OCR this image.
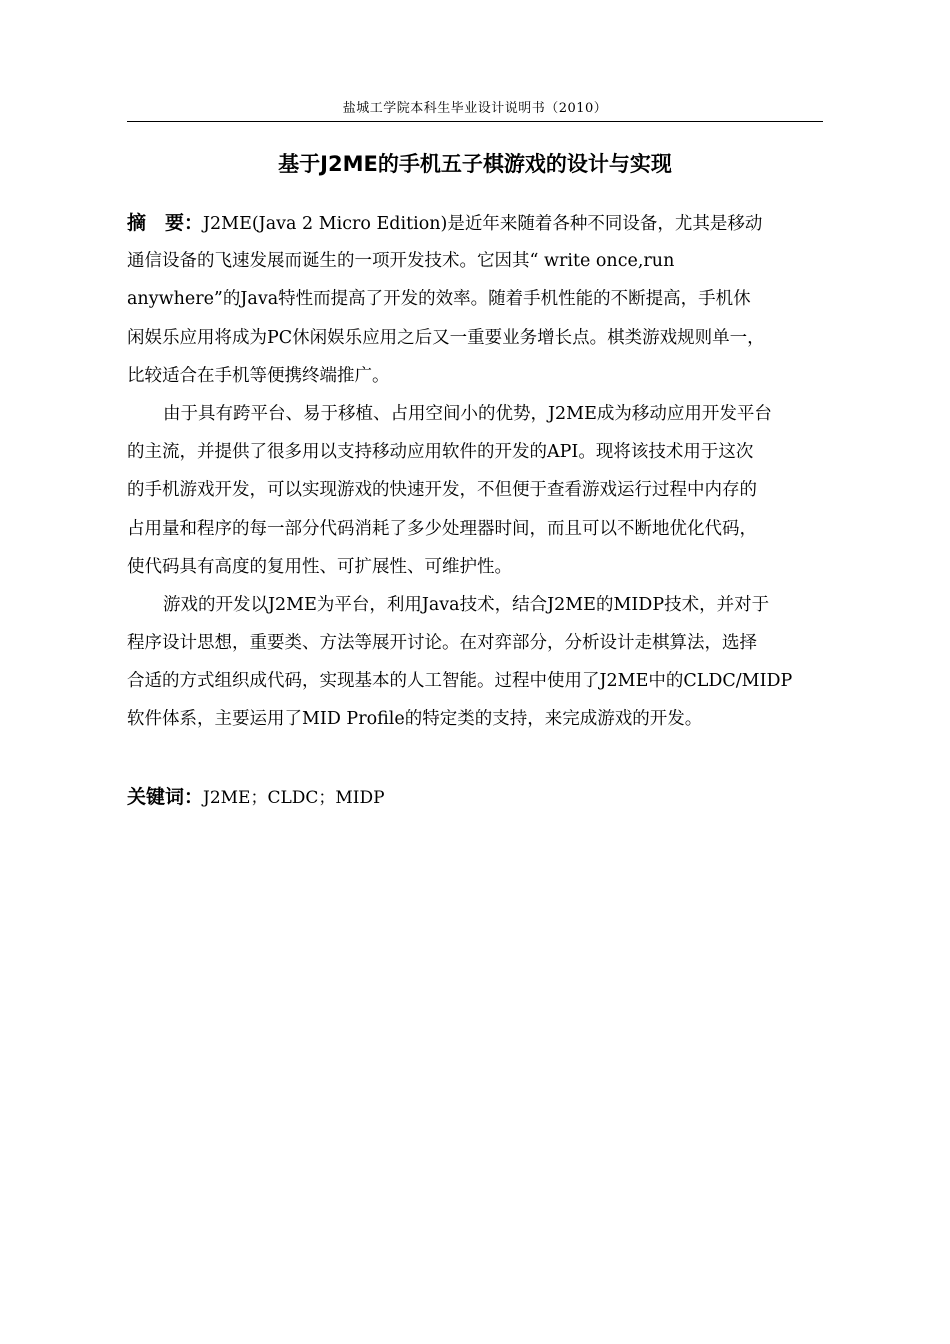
盐城工学院本科生毕业设计说明书（2010）
基于J2ME的手机五子棋游戏的设计与实现
摘　要：J2ME(Java 2 Micro Edition)是近年来随着各种不同设备，尤其是移动
通信设备的飞速发展而诞生的一项开发技术。它因其“ write once,run
anywhere”的Java特性而提高了开发的效率。随着手机性能的不断提高，手机休
闲娱乐应用将成为PC休闲娱乐应用之后又一重要业务增长点。棋类游戏规则单一，
比较适合在手机等便携终端推广。
由于具有跨平台、易于移植、占用空间小的优势，J2ME成为移动应用开发平台
的主流，并提供了很多用以支持移动应用软件的开发的API。现将该技术用于这次
的手机游戏开发，可以实现游戏的快速开发，不但便于查看游戏运行过程中内存的
占用量和程序的每一部分代码消耗了多少处理器时间，而且可以不断地优化代码，
使代码具有高度的复用性、可扩展性、可维护性。
游戏的开发以J2ME为平台，利用Java技术，结合J2ME的MIDP技术，并对于
程序设计思想，重要类、方法等展开讨论。在对弈部分，分析设计走棋算法，选择
合适的方式组织成代码，实现基本的人工智能。过程中使用了J2ME中的CLDC/MIDP
软件体系，主要运用了MID Profile的特定类的支持，来完成游戏的开发。
关键词：J2ME；CLDC；MIDP
